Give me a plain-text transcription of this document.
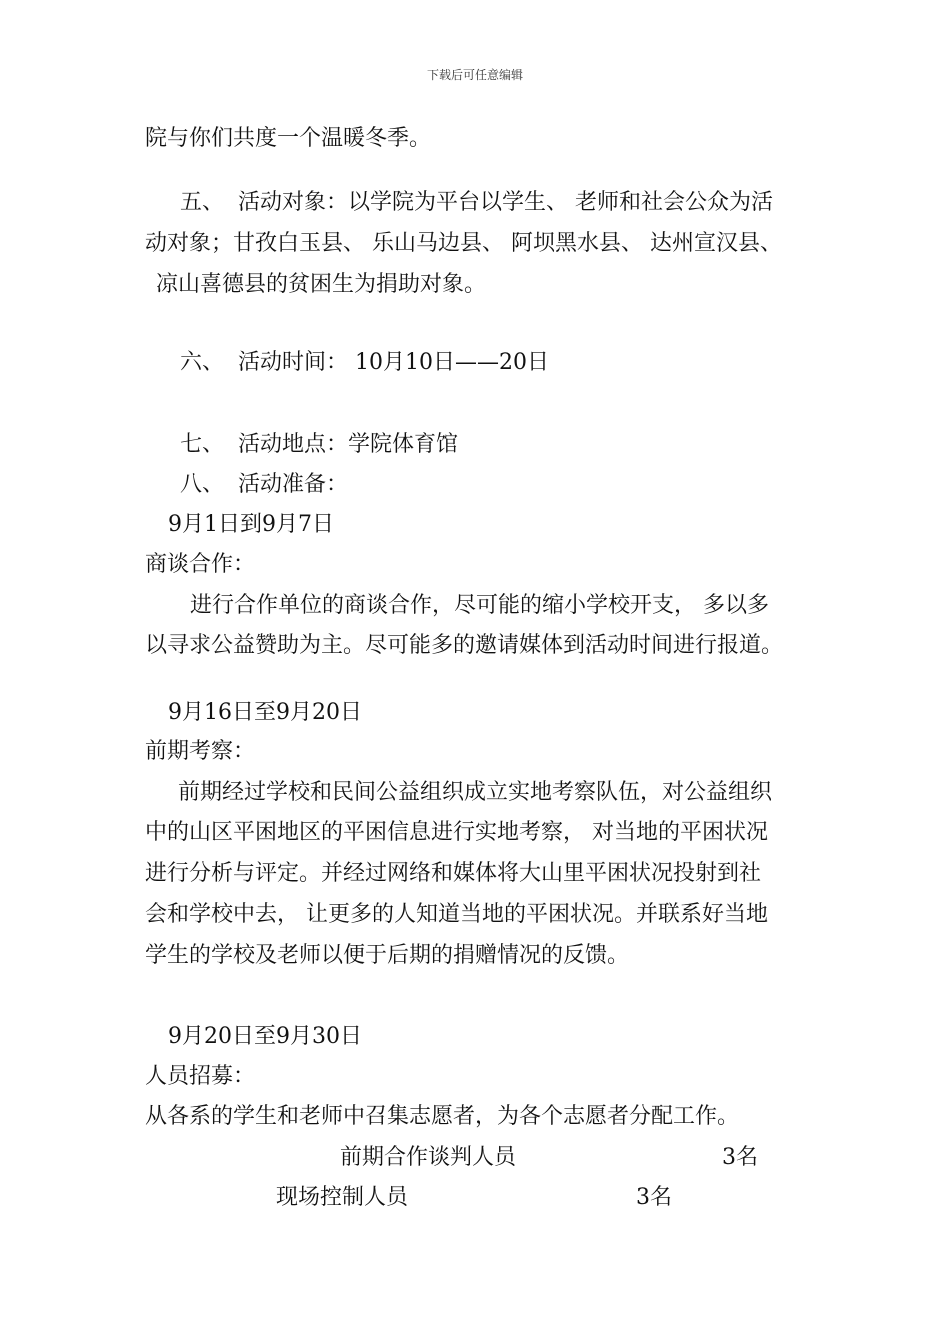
下载后可任意编辑
院与你们共度一个温暖冬季。
五、 活动对象：以学院为平台以学生、 老师和社会公众为活
动对象；甘孜白玉县、 乐山马边县、 阿坝黑水县、 达州宣汉县、
凉山喜德县的贫困生为捐助对象。
六、 活动时间： 10月10日——20日
七、 活动地点：学院体育馆
八、 活动准备：
9月1日到9月7日
商谈合作：
进行合作单位的商谈合作，尽可能的缩小学校开支， 多以多
以寻求公益赞助为主。尽可能多的邀请媒体到活动时间进行报道。
9月16日至9月20日
前期考察：
前期经过学校和民间公益组织成立实地考察队伍，对公益组织
中的山区平困地区的平困信息进行实地考察， 对当地的平困状况
进行分析与评定。并经过网络和媒体将大山里平困状况投射到社
会和学校中去， 让更多的人知道当地的平困状况。并联系好当地
学生的学校及老师以便于后期的捐赠情况的反馈。
9月20日至9月30日
人员招募：
从各系的学生和老师中召集志愿者，为各个志愿者分配工作。
前期合作谈判人员	3名
现场控制人员	3名
